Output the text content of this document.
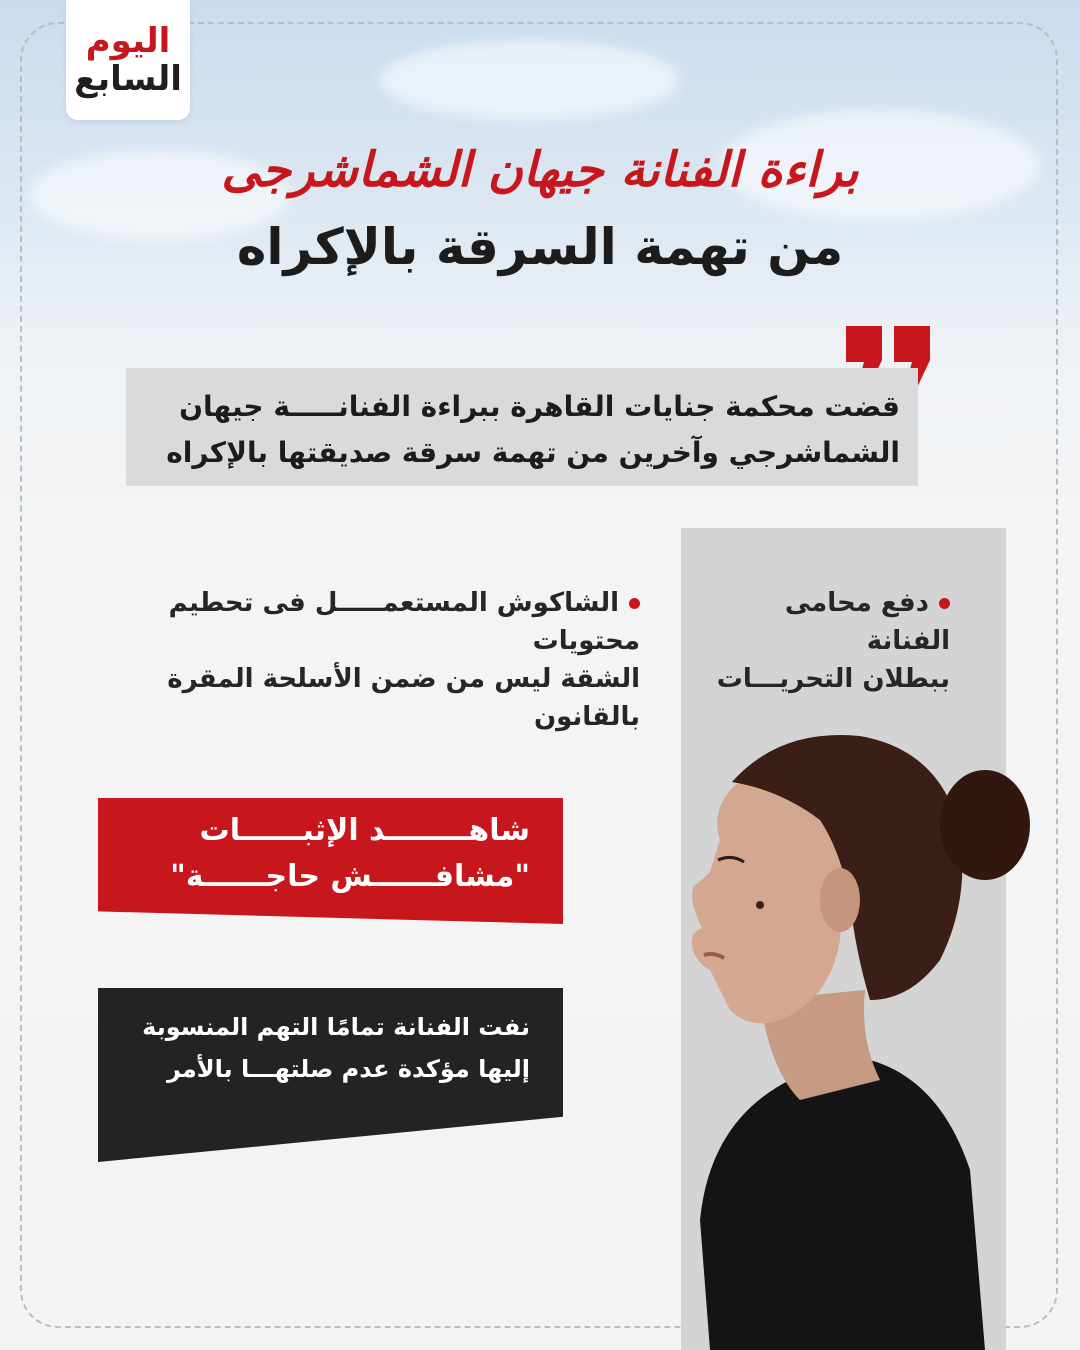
اليوم
السابع
براءة الفنانة جيهان الشماشرجى
من تهمة السرقة بالإكراه
قضت محكمة جنايات القاهرة ببراءة الفنانـــــة جيهان
الشماشرجي وآخرين من تهمة سرقة صديقتها بالإكراه
دفع محامى الفنانة
ببطلان التحريـــات
الشاكوش المستعمـــــل فى تحطيم محتويات
الشقة ليس من ضمن الأسلحة المقرة بالقانون
شاهــــــــد الإثبــــــات
"مشافــــــش حاجــــــة"
نفت الفنانة تمامًا التهم المنسوبة
إليها مؤكدة عدم صلتهـــا بالأمر
